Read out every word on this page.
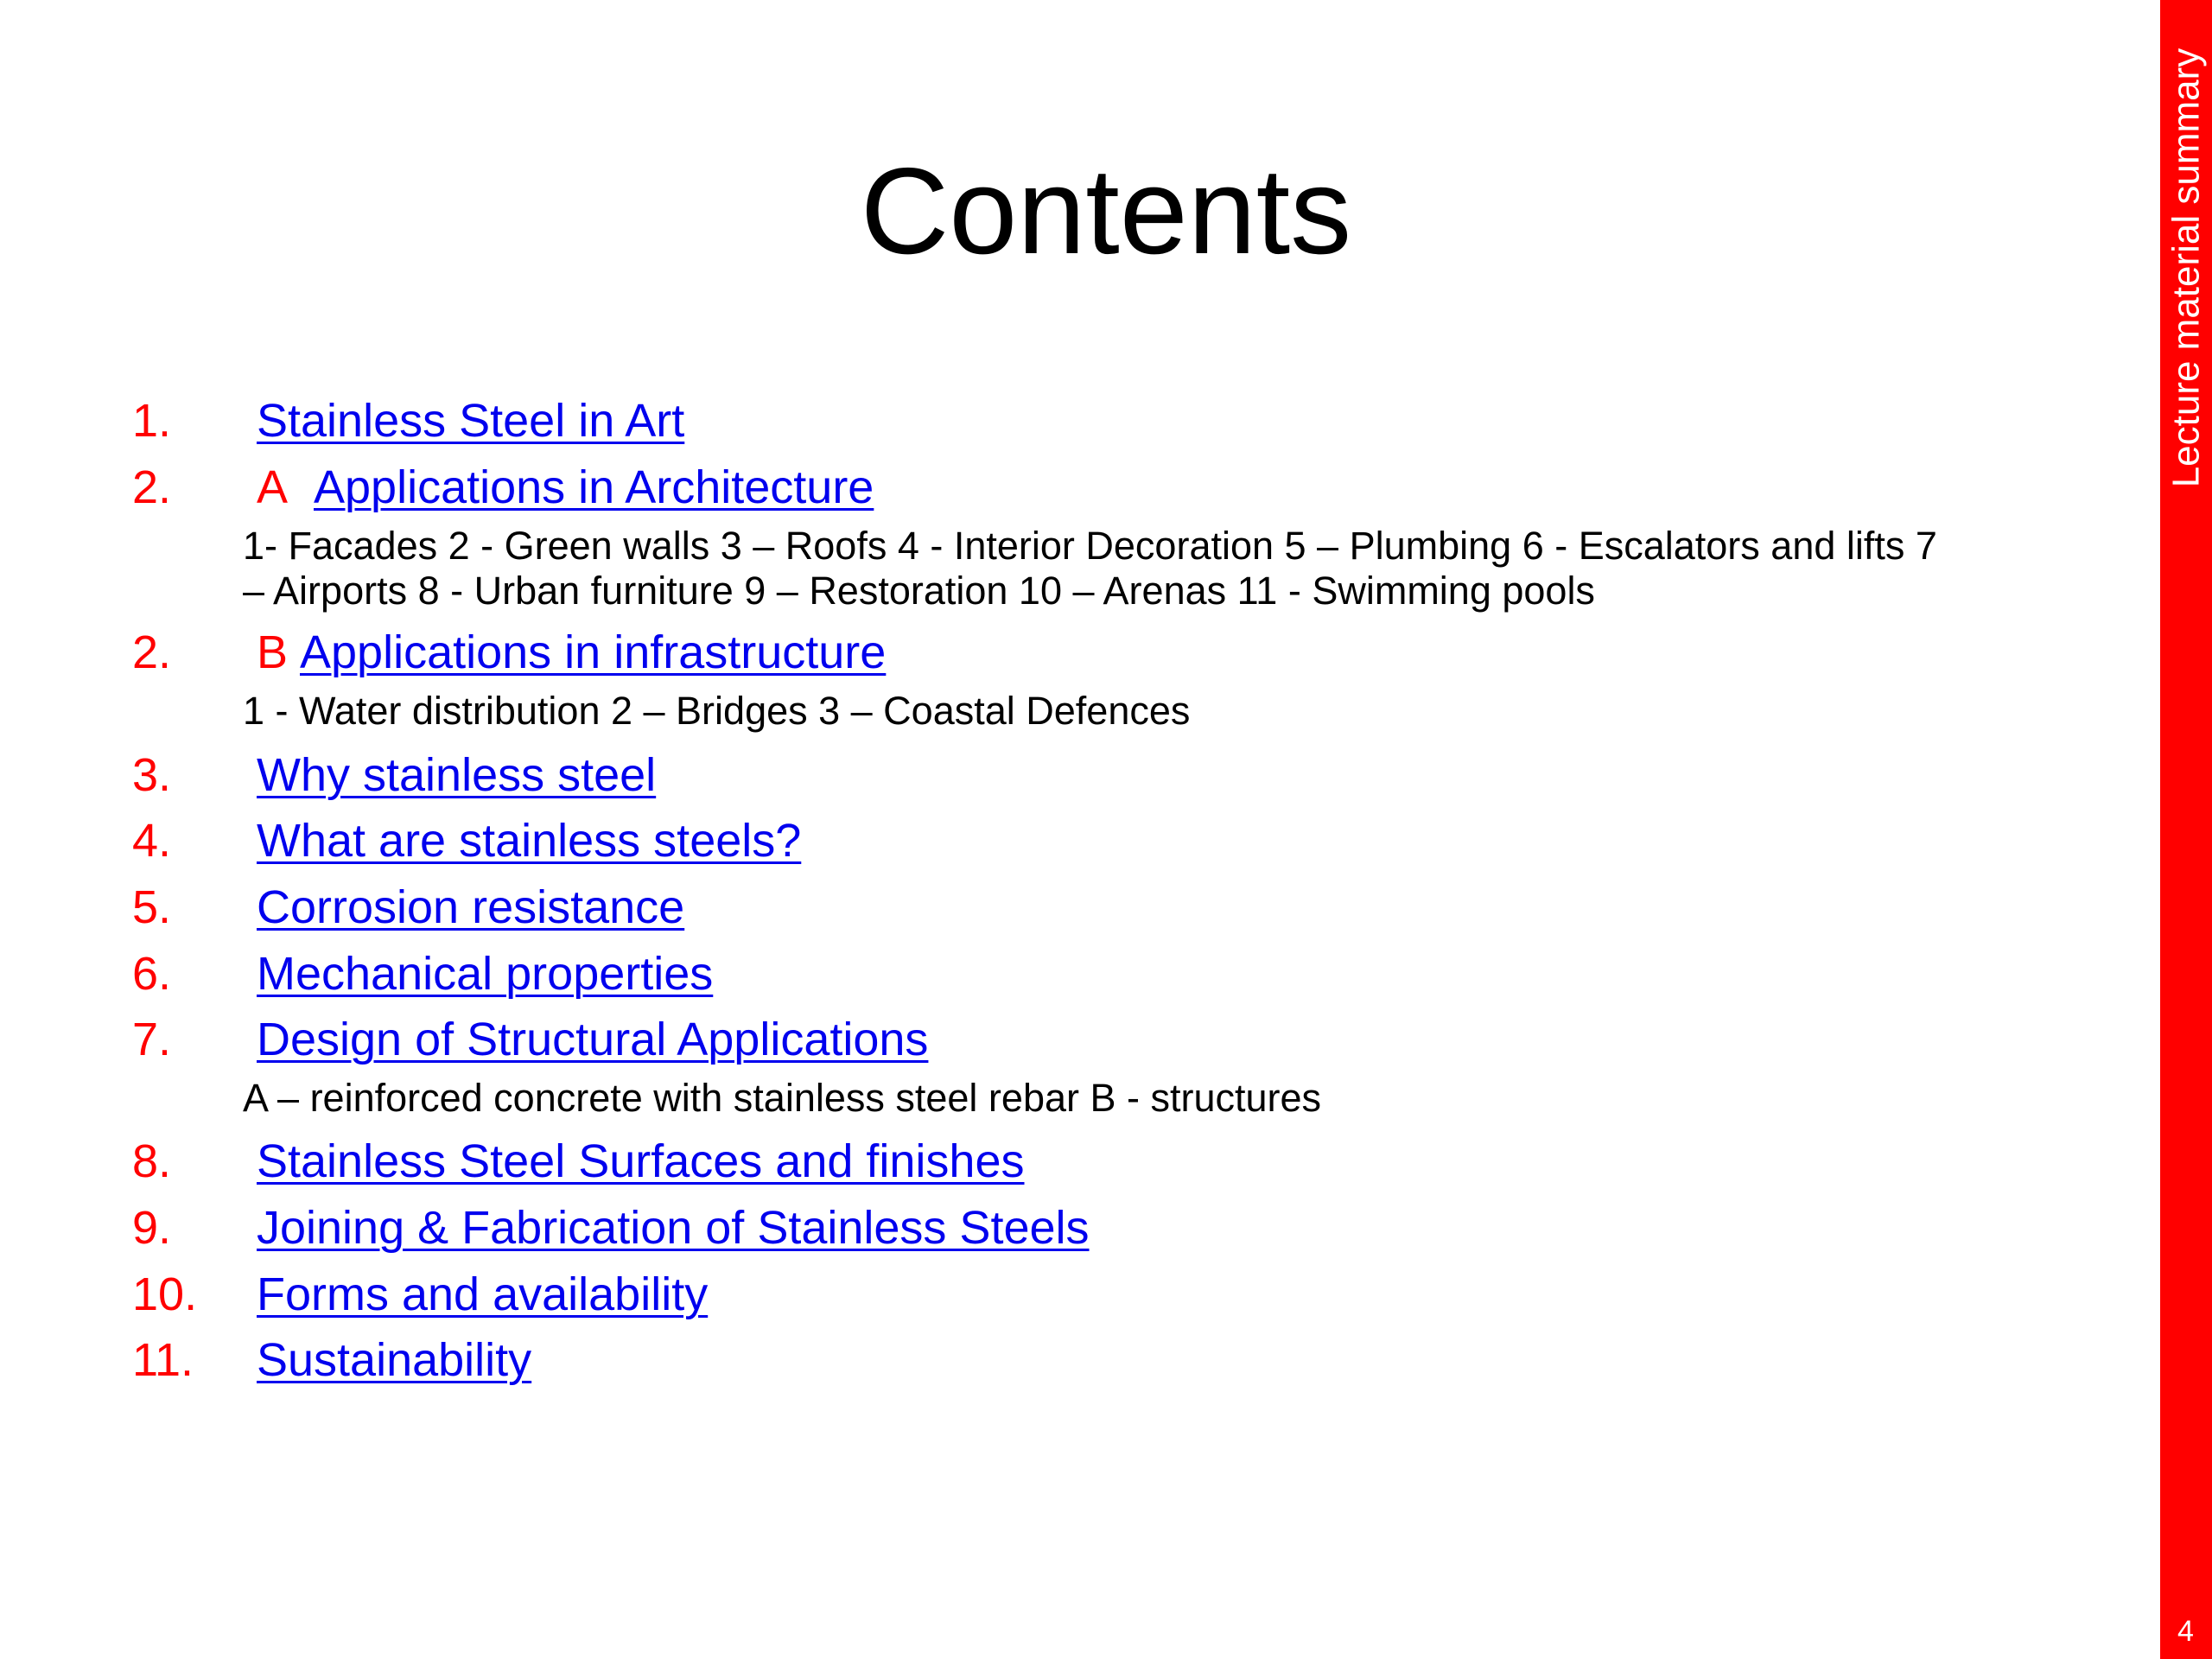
Contents
1. Stainless Steel in Art
2. A Applications in Architecture
1- Facades 2 - Green walls 3 – Roofs 4 - Interior Decoration 5 – Plumbing 6 - Escalators and lifts 7
– Airports 8 - Urban furniture 9 – Restoration 10 – Arenas 11 - Swimming pools
2. B Applications in infrastructure
1 - Water distribution 2 – Bridges 3 – Coastal Defences
3. Why stainless steel
4. What are stainless steels?
5. Corrosion resistance
6. Mechanical properties
7. Design of Structural Applications
A – reinforced concrete with stainless steel rebar B - structures
8. Stainless Steel Surfaces and finishes
9. Joining & Fabrication of Stainless Steels
10. Forms and availability
11. Sustainability
Lecture material summary
4
